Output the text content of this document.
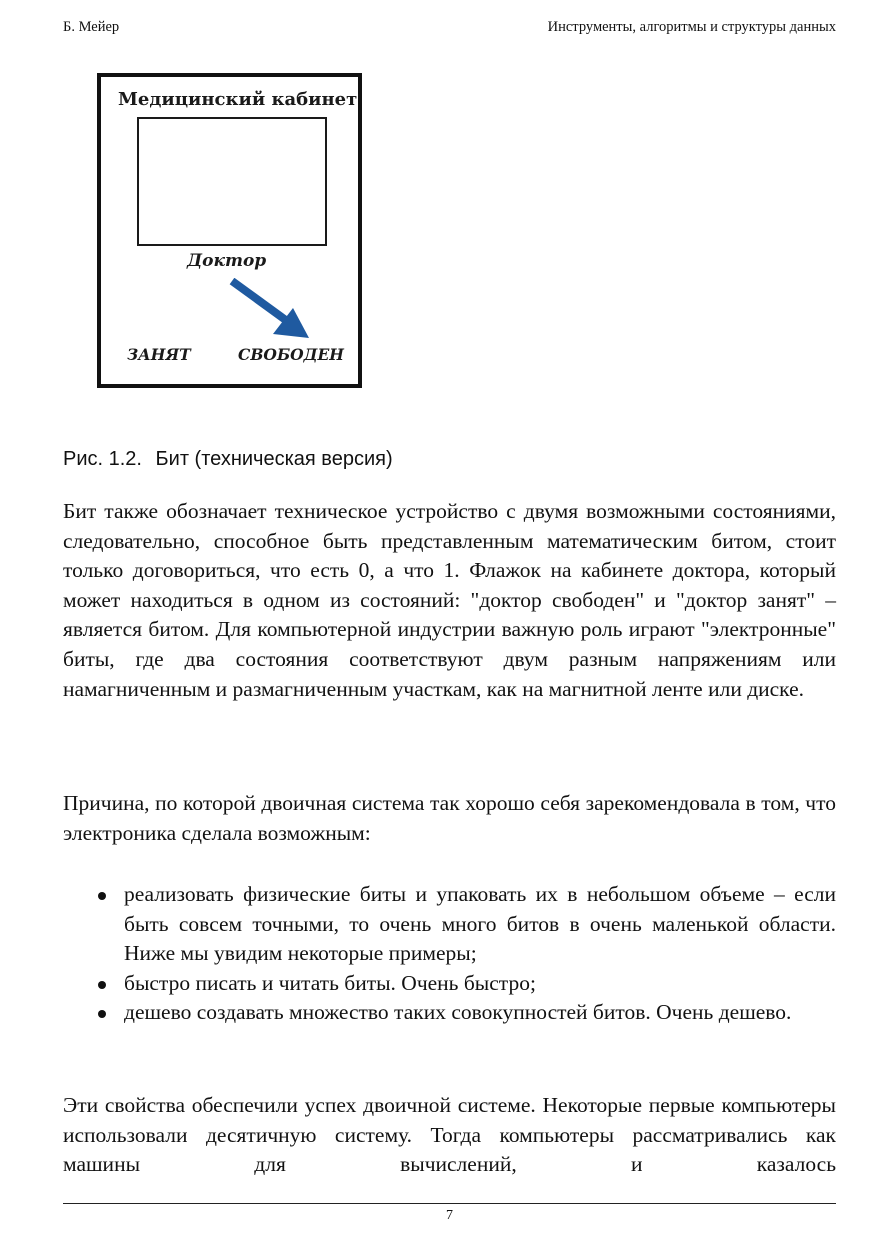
Б. Мейер	Инструменты, алгоритмы и структуры данных
Медицинский кабинет
Доктор
ЗАНЯТ	СВОБОДЕН
Рис. 1.2. Бит (техническая версия)

Бит также обозначает техническое устройство с двумя возможными состояниями, следовательно, способное быть представленным математическим битом, стоит только договориться, что есть 0, а что 1. Флажок на кабинете доктора, который может находиться в одном из состояний: "доктор свободен" и "доктор занят" – является битом. Для компьютерной индустрии важную роль играют "электронные" биты, где два состояния соответствуют двум разным напряжениям или намагниченным и размагниченным участкам, как на магнитной ленте или диске.

Причина, по которой двоичная система так хорошо себя зарекомендовала в том, что электроника сделала возможным:

реализовать физические биты и упаковать их в небольшом объеме – если быть совсем точными, то очень много битов в очень маленькой области. Ниже мы увидим некоторые примеры;
быстро писать и читать биты. Очень быстро;
дешево создавать множество таких совокупностей битов. Очень дешево.

Эти свойства обеспечили успех двоичной системе. Некоторые первые компьютеры использовали десятичную систему. Тогда компьютеры рассматривались как машины для вычислений, и казалось

7
